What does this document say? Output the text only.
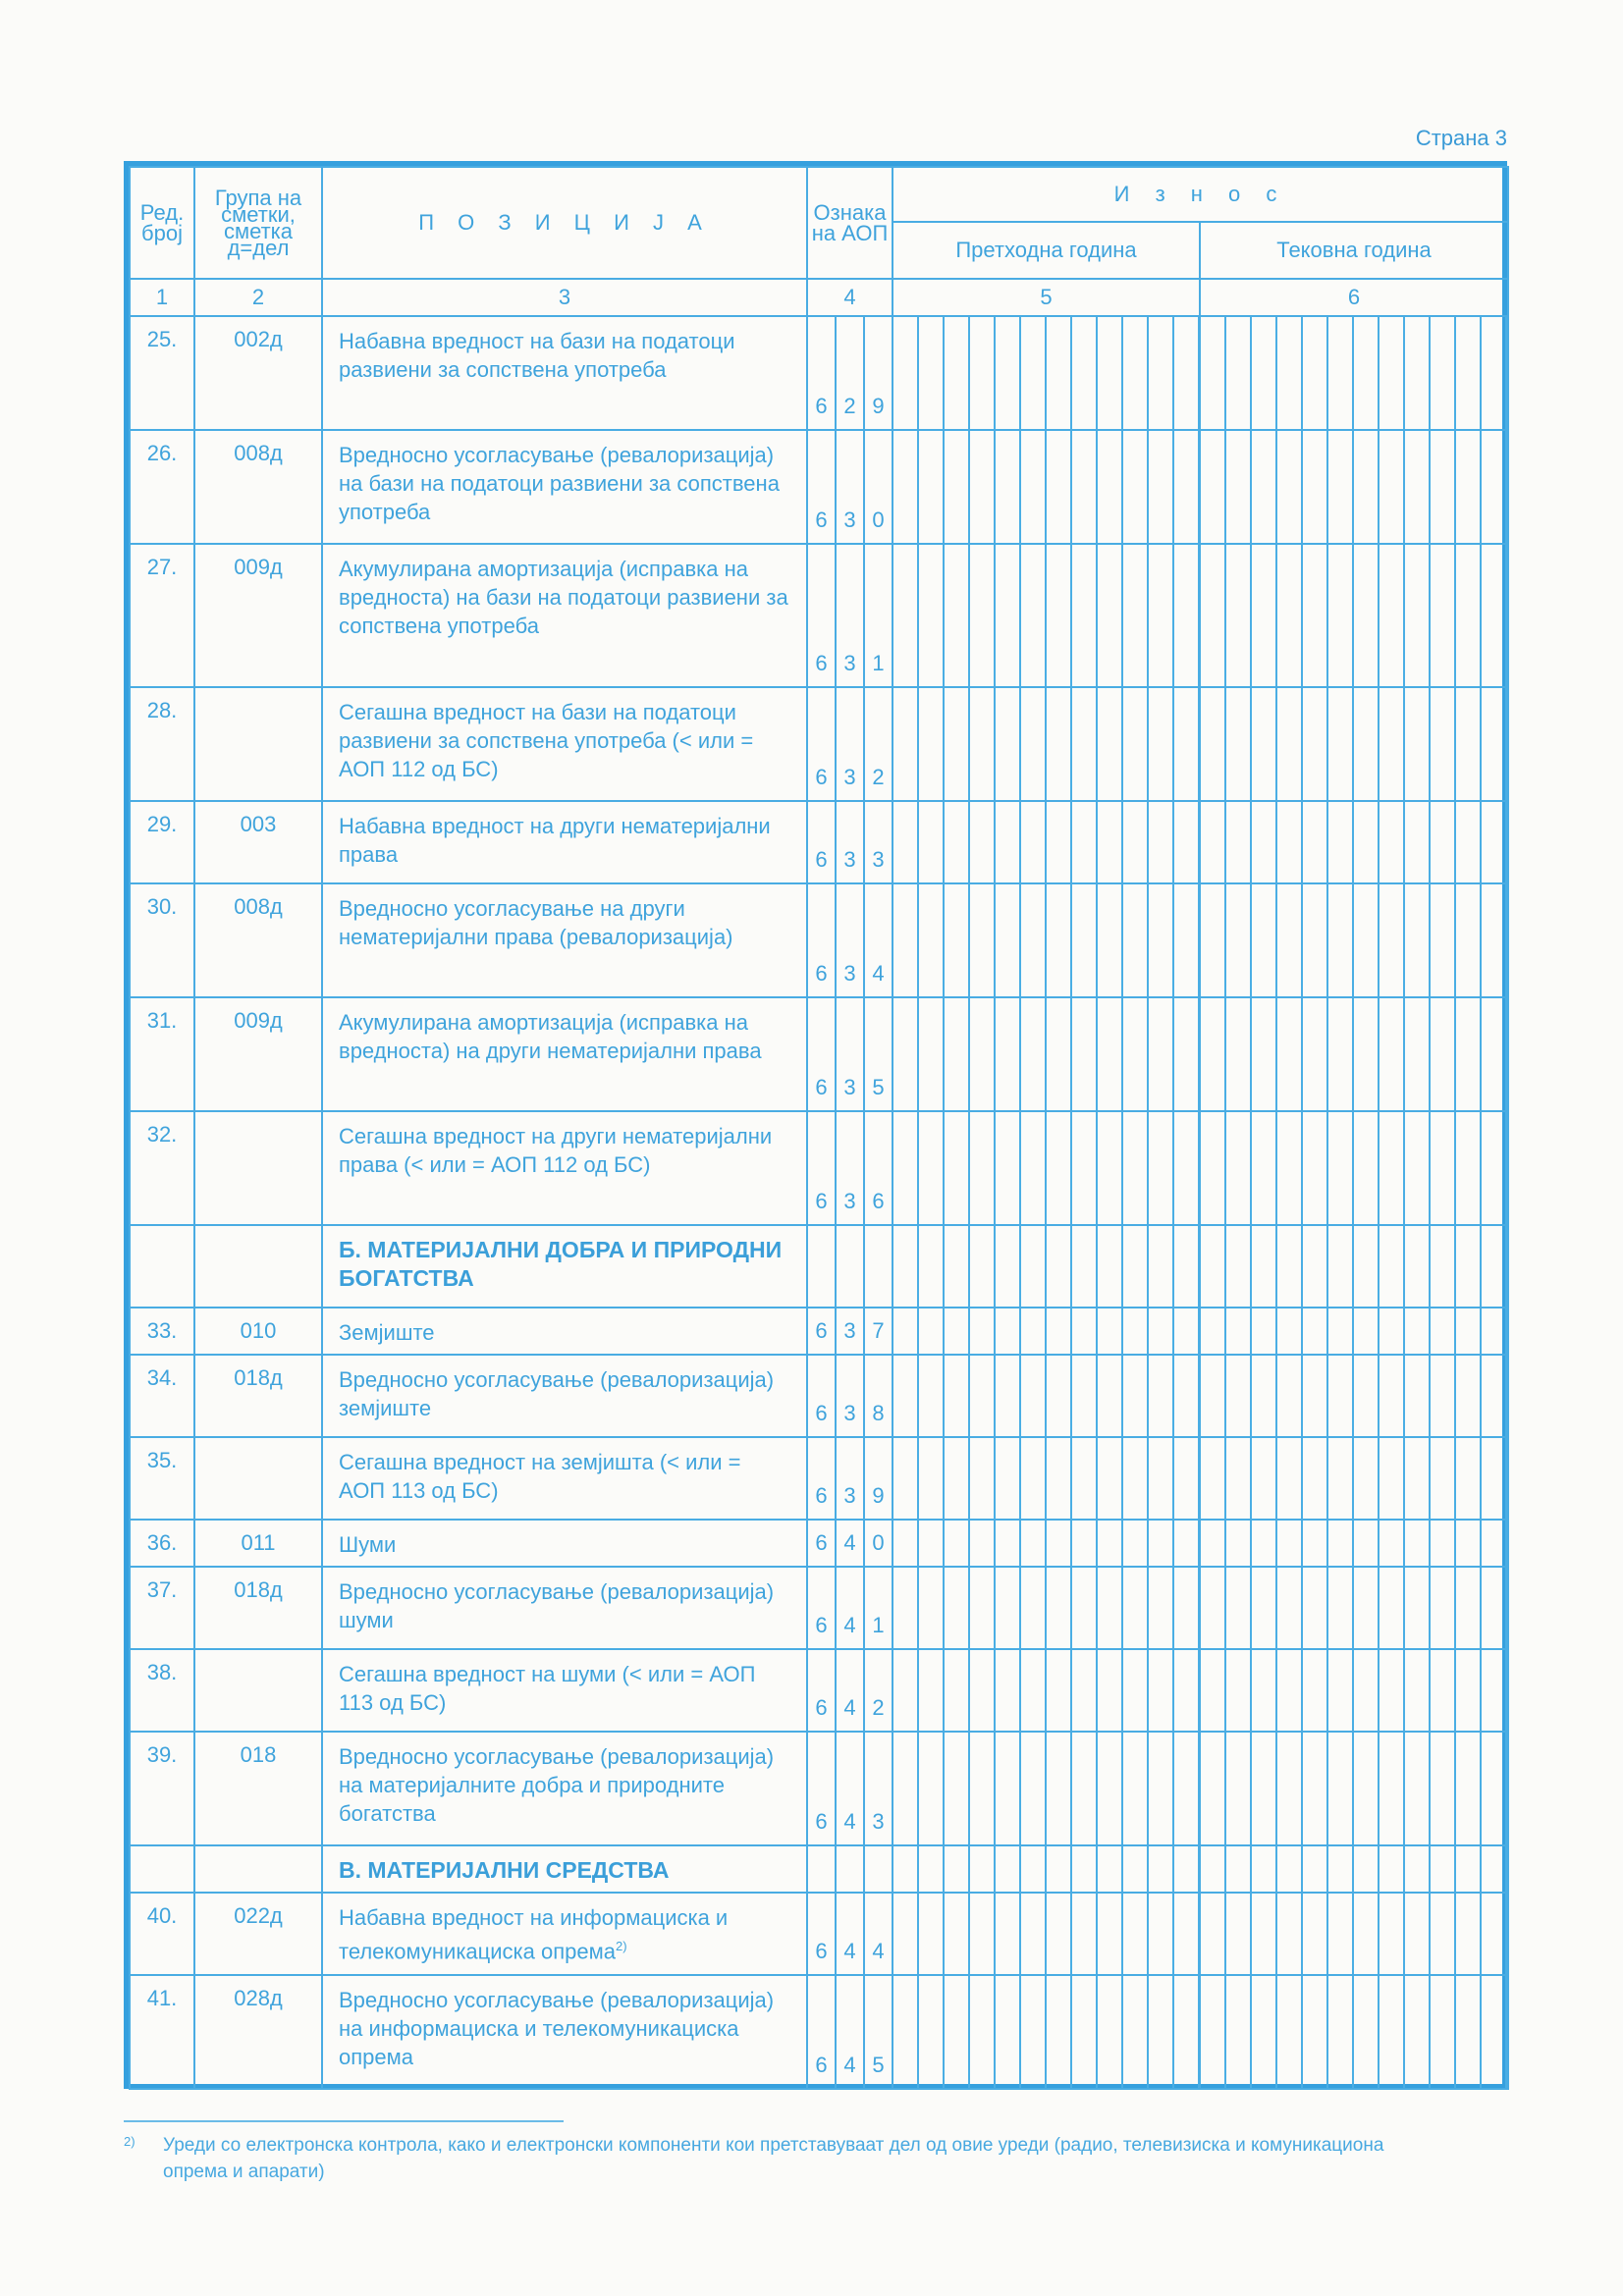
Страна 3
Ред. број	Група на сметки, сметка д=дел	П О З И Ц И Ј А	Ознака на АОП			И з н о с	
						Претходна година	Тековна година
1	2	3	4			5	6
25.	002д	Набавна вредност на бази на податоци развиени за сопствена употреба	6	2	9		
26.	008д	Вредносно усогласување (ревалоризација) на бази на податоци развиени за сопствена употреба	6	3	0		
27.	009д	Акумулирана амортизација (исправка на вредноста) на бази на податоци развиени за сопствена употреба	6	3	1		
28.		Сегашна вредност на бази на податоци развиени за сопствена употреба (< или = АОП 112 од БС)	6	3	2		
29.	003	Набавна вредност на други нематеријални права	6	3	3		
30.	008д	Вредносно усогласување на други нематеријални права (ревалоризација)	6	3	4		
31.	009д	Акумулирана амортизација (исправка на вредноста) на други нематеријални права	6	3	5		
32.		Сегашна вредност на други нематеријални права (< или = АОП 112 од БС)	6	3	6		
		Б. МАТЕРИЈАЛНИ ДОБРА И ПРИРОДНИ БОГАТСТВА					
33.	010	Земјиште	6	3	7		
34.	018д	Вредносно усогласување (ревалоризација) земјиште	6	3	8		
35.		Сегашна вредност на земјишта (< или = АОП 113 од БС)	6	3	9		
36.	011	Шуми	6	4	0		
37.	018д	Вредносно усогласување (ревалоризација) шуми	6	4	1		
38.		Сегашна вредност на шуми (< или = АОП 113 од БС)	6	4	2		
39.	018	Вредносно усогласување (ревалоризација) на материјалните добра и природните богатства	6	4	3		
		В. МАТЕРИЈАЛНИ СРЕДСТВА					
40.	022д	Набавна вредност на информациска и телекомуникациска опрема$^{2)}$	6	4	4		
41.	028д	Вредносно усогласување (ревалоризација) на информациска и телекомуникациска опрема	6	4	5		
2) Уреди со електронска контрола, како и електронски компоненти кои претставуваат дел од овие уреди (радио, телевизиска и комуникациона опрема и апарати)
